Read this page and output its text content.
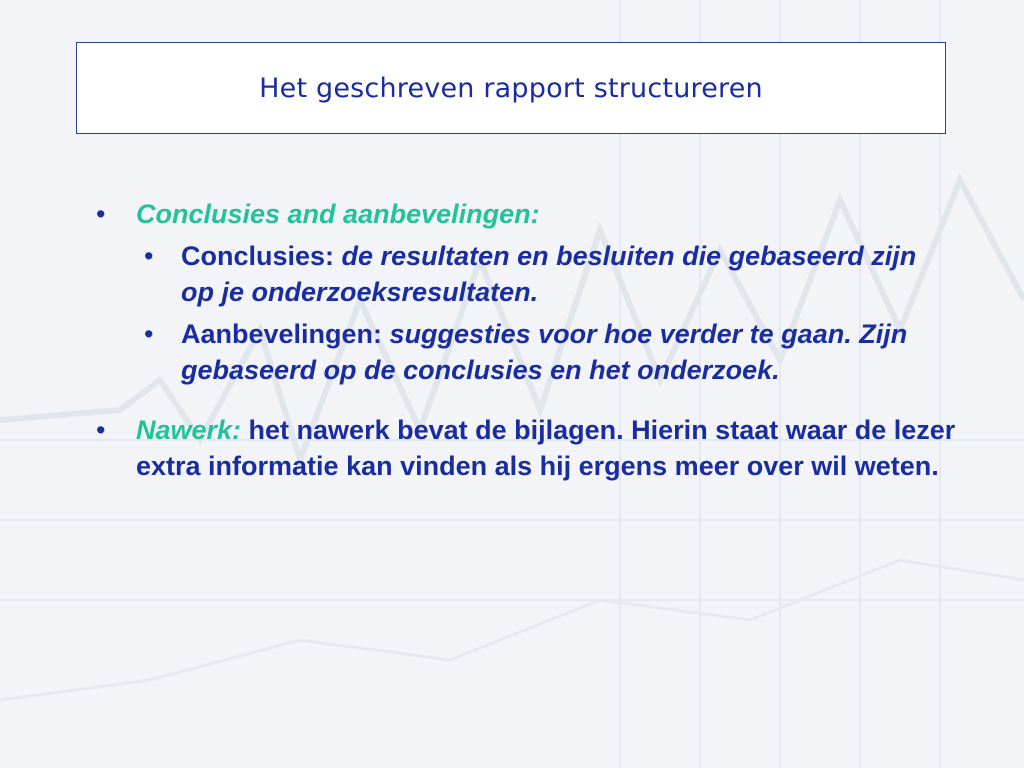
Het geschreven rapport structureren
• Conclusies and aanbevelingen:
• Conclusies: de resultaten en besluiten die gebaseerd zijn op je onderzoeksresultaten.
• Aanbevelingen: suggesties voor hoe verder te gaan. Zijn gebaseerd op de conclusies en het onderzoek.
• Nawerk: het nawerk bevat de bijlagen. Hierin staat waar de lezer extra informatie kan vinden als hij ergens meer over wil weten.
